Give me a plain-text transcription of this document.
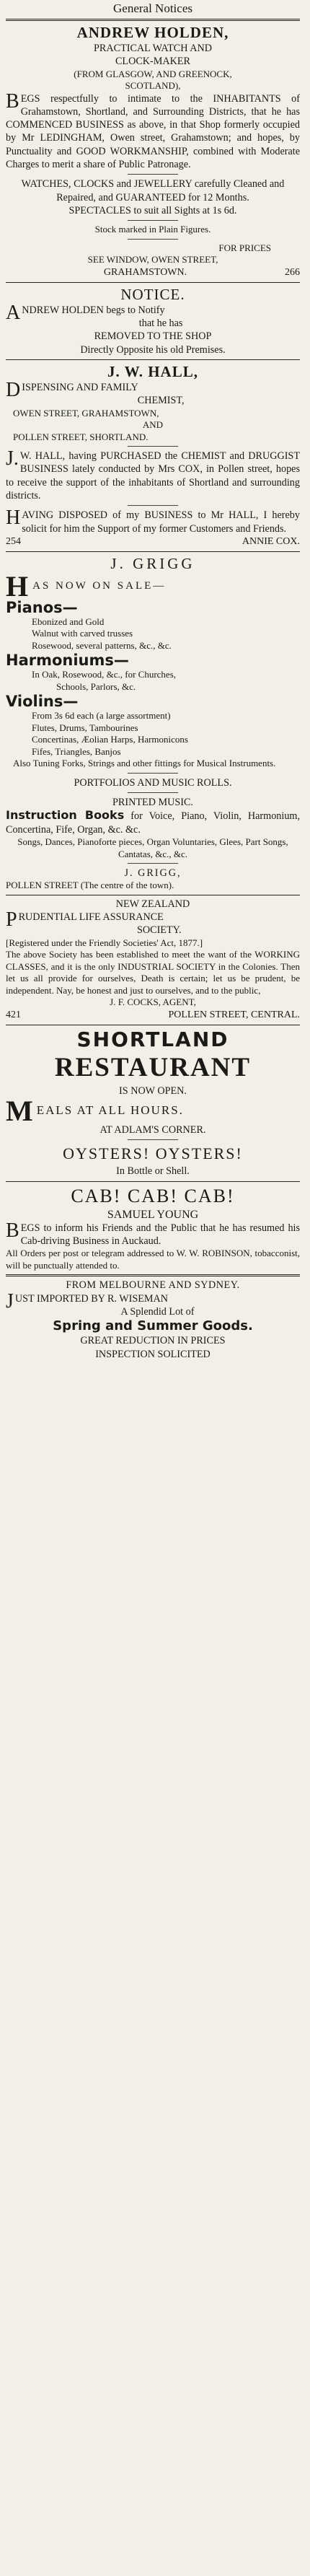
General Notices
ANDREW HOLDEN,
PRACTICAL WATCH AND
CLOCK-MAKER
(FROM GLASGOW, AND GREENOCK,
SCOTLAND),

BEGS respectfully to intimate to the INHABITANTS of Grahamstown, Shortland, and Surrounding Districts, that he has COMMENCED BUSINESS as above, in that Shop formerly occupied by Mr LEDINGHAM, Owen street, Grahamstown; and hopes, by Punctuality and GOOD WORKMANSHIP, combined with Moderate Charges to merit a share of Public Patronage.

WATCHES, CLOCKS and JEWELLERY carefully Cleaned and Repaired, and GUARANTEED for 12 Months.

SPECTACLES to suit all Sights at 1s 6d.

Stock marked in Plain Figures.
FOR PRICES
SEE WINDOW, OWEN STREET,
GRAHAMSTOWN.	266
NOTICE.

ANDREW HOLDEN begs to Notify

that he has
REMOVED TO THE SHOP
Directly Opposite his old Premises.
J. W. HALL,

DISPENSING AND FAMILY

CHEMIST,
OWEN STREET, GRAHAMSTOWN,
AND
POLLEN STREET, SHORTLAND.

J. W. HALL, having PURCHASED the CHEMIST and DRUGGIST BUSINESS lately conducted by Mrs COX, in Pollen street, hopes to receive the support of the inhabitants of Shortland and surrounding districts.

HAVING DISPOSED of my BUSINESS to Mr HALL, I hereby solicit for him the Support of my former Customers and Friends.

254	ANNIE COX.
J. GRIGG
HAS NOW ON SALE—
Pianos—
Ebonized and Gold
Walnut with carved trusses
Rosewood, several patterns, &c., &c.
Harmoniums—
In Oak, Rosewood, &c., for Churches,
Schools, Parlors, &c.
Violins—
From 3s 6d each (a large assortment)
Flutes, Drums, Tambourines
Concertinas, Æolian Harps, Harmonicons
Fifes, Triangles, Banjos
Also Tuning Forks, Strings and other fittings for Musical Instruments.
PORTFOLIOS AND MUSIC ROLLS.
PRINTED MUSIC.

Instruction Books for Voice, Piano, Violin, Harmonium, Concertina, Fife, Organ, &c. &c.

Songs, Dances, Pianoforte pieces, Organ Voluntaries, Glees, Part Songs, Cantatas, &c., &c.

J. GRIGG,
POLLEN STREET (The centre of the town).
NEW ZEALAND

PRUDENTIAL LIFE ASSURANCE

SOCIETY.

[Registered under the Friendly Societies' Act, 1877.]

The above Society has been established to meet the want of the WORKING CLASSES, and it is the only INDUSTRIAL SOCIETY in the Colonies. Then let us all provide for ourselves, Death is certain; let us be prudent, be independent. Nay, be honest and just to ourselves, and to the public,

J. F. COCKS, AGENT,
421	POLLEN STREET, CENTRAL.
SHORTLAND
RESTAURANT
IS NOW OPEN.
MEALS AT ALL HOURS.
AT ADLAM'S CORNER.
OYSTERS! OYSTERS!
In Bottle or Shell.
CAB! CAB! CAB!
SAMUEL YOUNG

BEGS to inform his Friends and the Public that he has resumed his Cab-driving Business in Auckaud.

All Orders per post or telegram addressed to W. W. ROBINSON, tobacconist, will be punctually attended to.

FROM MELBOURNE AND SYDNEY.

JUST IMPORTED BY R. WISEMAN

A Splendid Lot of
Spring and Summer Goods.
GREAT REDUCTION IN PRICES
INSPECTION SOLICITED
